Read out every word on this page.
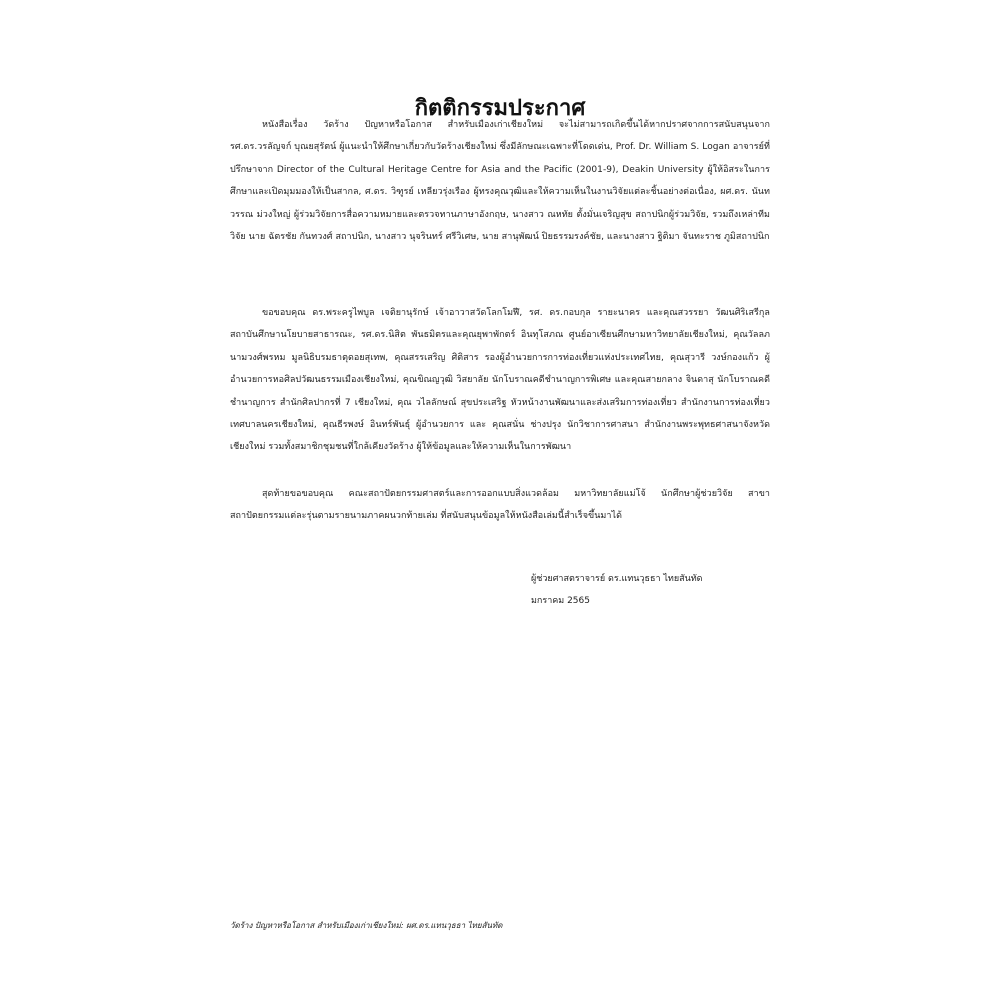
กิตติกรรมประกาศ

หนังสือเรื่อง วัดร้าง ปัญหาหรือโอกาส สำหรับเมืองเก่าเชียงใหม่ จะไม่สามารถเกิดขึ้นได้หากปราศจากการสนับสนุนจาก รศ.ดร.วรลัญจก์ บุณยสุรัตน์ ผู้แนะนำให้ศึกษาเกี่ยวกับวัดร้างเชียงใหม่ ซึ่งมีลักษณะเฉพาะที่โดดเด่น, Prof. Dr. William S. Logan อาจารย์ที่ปรึกษาจาก Director of the Cultural Heritage Centre for Asia and the Pacific (2001-9), Deakin University ผู้ให้อิสระในการศึกษาและเปิดมุมมองให้เป็นสากล, ศ.ดร. วิฑูรย์ เหลียวรุ่งเรือง ผู้ทรงคุณวุฒิและให้ความเห็นในงานวิจัยแต่ละชิ้นอย่างต่อเนื่อง, ผศ.ดร. นันทวรรณ ม่วงใหญ่ ผู้ร่วมวิจัยการสื่อความหมายและตรวจทานภาษาอังกฤษ, นางสาว ณหทัย ตั้งมั่นเจริญสุข สถาปนิกผู้ร่วมวิจัย, รวมถึงเหล่าทีมวิจัย นาย ฉัตรชัย กันทวงศ์ สถาปนิก, นางสาว นุจรินทร์ ศรีวิเศษ, นาย สานุพัฒน์ ปิยธรรมรงค์ชัย, และนางสาว ฐิติมา จันทะราช ภูมิสถาปนิก

ขอขอบคุณ ดร.พระครูไพบูล เจติยานุรักษ์ เจ้าอาวาสวัดโลกโมฬี, รศ. ดร.กอบกุล รายะนาคร และคุณสวรรยา วัฒนศิริเสรีกุล สถาบันศึกษานโยบายสาธารณะ, รศ.ดร.นิสิต พันธมิตรและคุณยุพาพักตร์ อินทุโสภณ ศูนย์อาเซียนศึกษามหาวิทยาลัยเชียงใหม่, คุณวัลลภ นามวงศ์พรหม มูลนิธิบรมธาตุดอยสุเทพ, คุณสรรเสริญ ศิติสาร รองผู้อำนวยการการท่องเที่ยวแห่งประเทศไทย, คุณสุวารี วงษ์กองแก้ว ผู้อำนวยการหอศิลปวัฒนธรรมเมืองเชียงใหม่, คุณขิณญวุฒิ วิสยาลัย นักโบราณคดีชำนาญการพิเศษ และคุณสายกลาง จินดาสุ นักโบราณคดีชำนาญการ สำนักศิลปากรที่ 7 เชียงใหม่, คุณ วไลลักษณ์ สุขประเสริฐ หัวหน้างานพัฒนาและส่งเสริมการท่องเที่ยว สำนักงานการท่องเที่ยว เทศบาลนครเชียงใหม่, คุณธีรพงษ์ อินทร์พันธุ์ ผู้อำนวยการ และ คุณสนั่น ช่างปรุง นักวิชาการศาสนา สำนักงานพระพุทธศาสนาจังหวัดเชียงใหม่ รวมทั้งสมาชิกชุมชนที่ใกล้เคียงวัดร้าง ผู้ให้ข้อมูลและให้ความเห็นในการพัฒนา

สุดท้ายขอขอบคุณ คณะสถาปัตยกรรมศาสตร์และการออกแบบสิ่งแวดล้อม มหาวิทยาลัยแม่โจ้ นักศึกษาผู้ช่วยวิจัย สาขาสถาปัตยกรรมแต่ละรุ่นตามรายนามภาคผนวกท้ายเล่ม ที่สนับสนุนข้อมูลให้หนังสือเล่มนี้สำเร็จขึ้นมาได้

ผู้ช่วยศาสตราจารย์ ดร.แทนวุธธา ไทยสันทัด
มกราคม 2565
วัดร้าง ปัญหาหรือโอกาส สำหรับเมืองเก่าเชียงใหม่: ผศ.ดร.แทนวุธธา ไทยสันทัด
